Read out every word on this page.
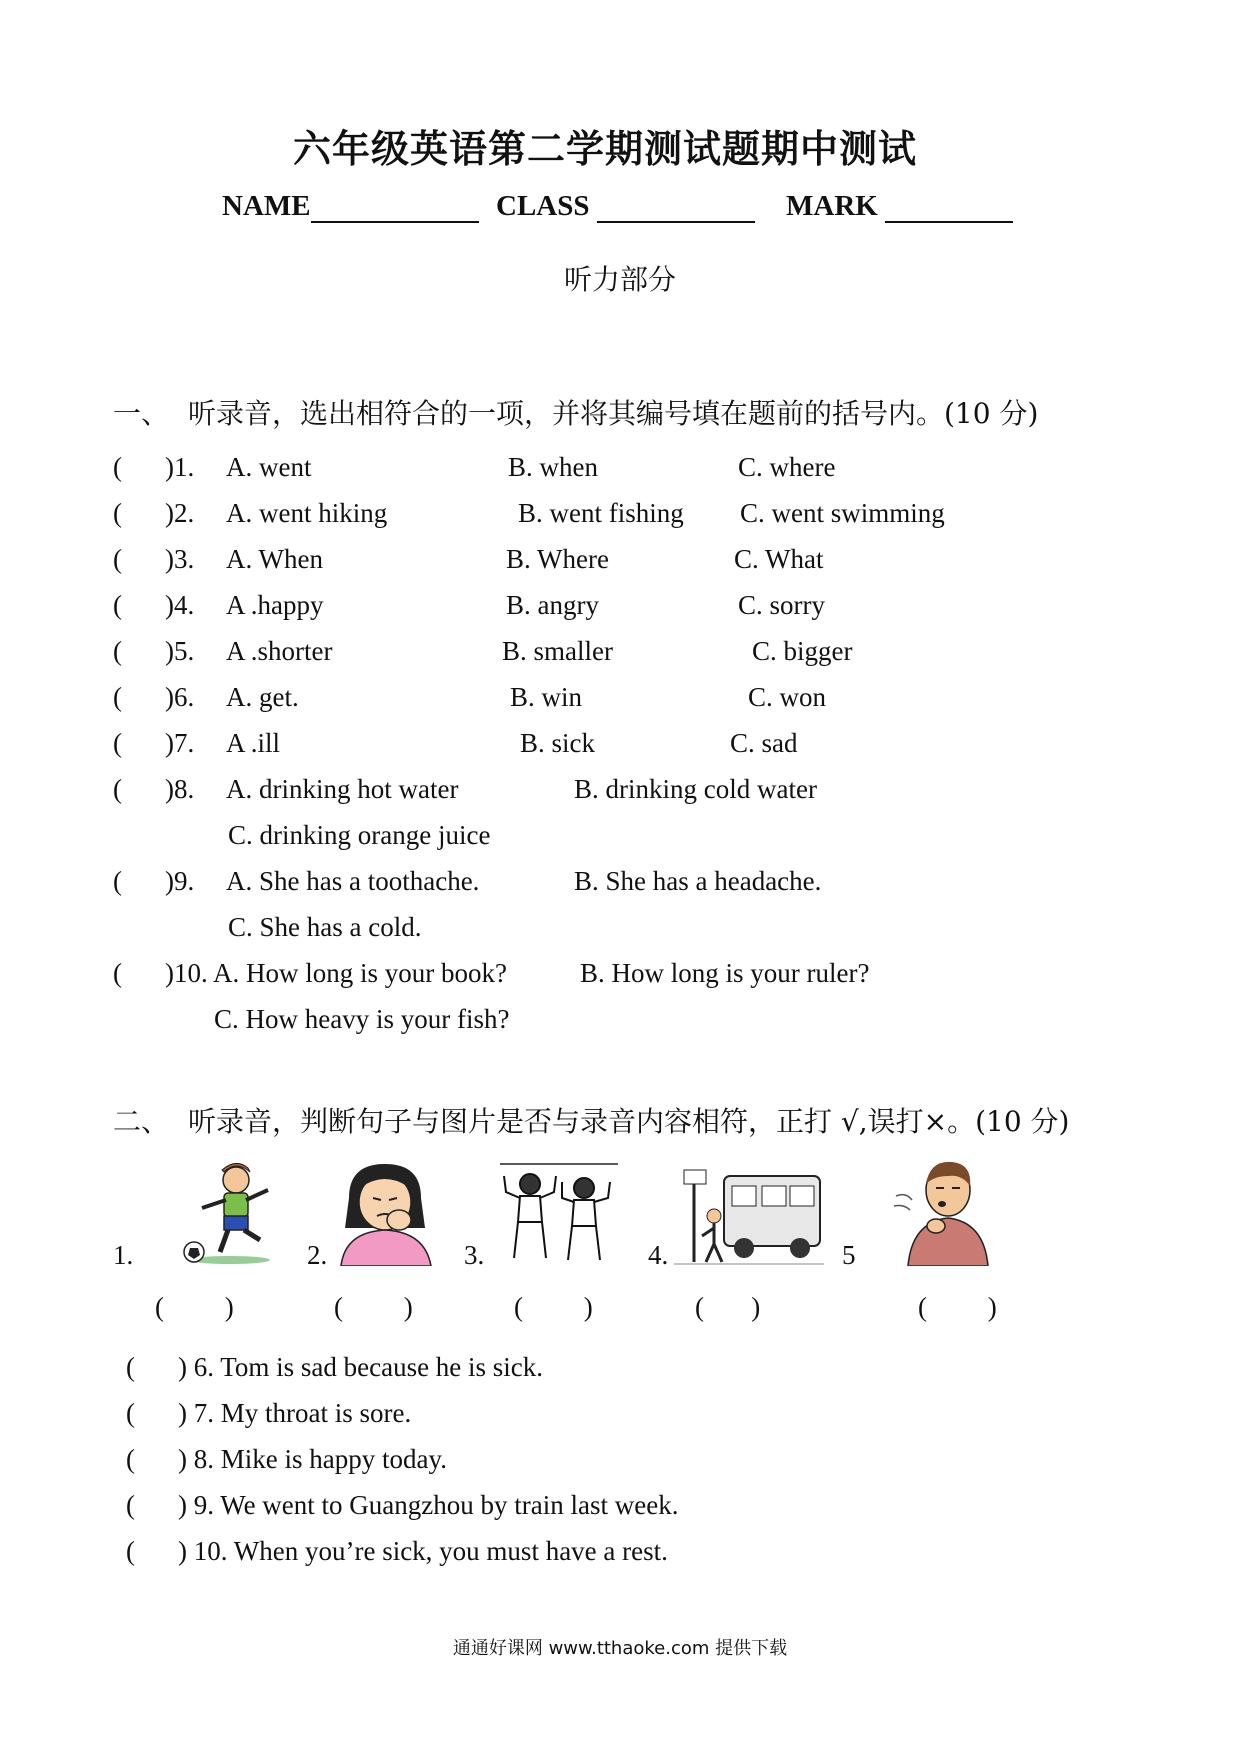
六年级英语第二学期测试题期中测试
NAME	CLASS	MARK
听力部分
一、 听录音，选出相符合的一项，并将其编号填在题前的括号内。(10 分)
( )1. A. went	B. when	C. where
( )2. A. went hiking	B. went fishing C. went swimming
( )3. A. When	B. Where	C. What
( )4. A .happy	B. angry	C. sorry
( )5. A .shorter	B. smaller	C. bigger
( )6. A. get.	B. win	C. won
( )7. A .ill	B. sick	C. sad
( )8. A. drinking hot water	B. drinking cold water
C. drinking orange juice
( )9. A. She has a toothache.	B. She has a headache.
C. She has a cold.
( )10. A. How long is your book?	B. How long is your ruler?
C. How heavy is your fish?
二、 听录音，判断句子与图片是否与录音内容相符，正打 √,误打×。(10 分)
1.	2.	3.	4.	5
(         )	(         )	(         )	(       )	(         )
( ) 6. Tom is sad because he is sick.
( ) 7. My throat is sore.
( ) 8. Mike is happy today.
( ) 9. We went to Guangzhou by train last week.
( ) 10. When you’re sick, you must have a rest.
通通好课网 www.tthaoke.com 提供下载
